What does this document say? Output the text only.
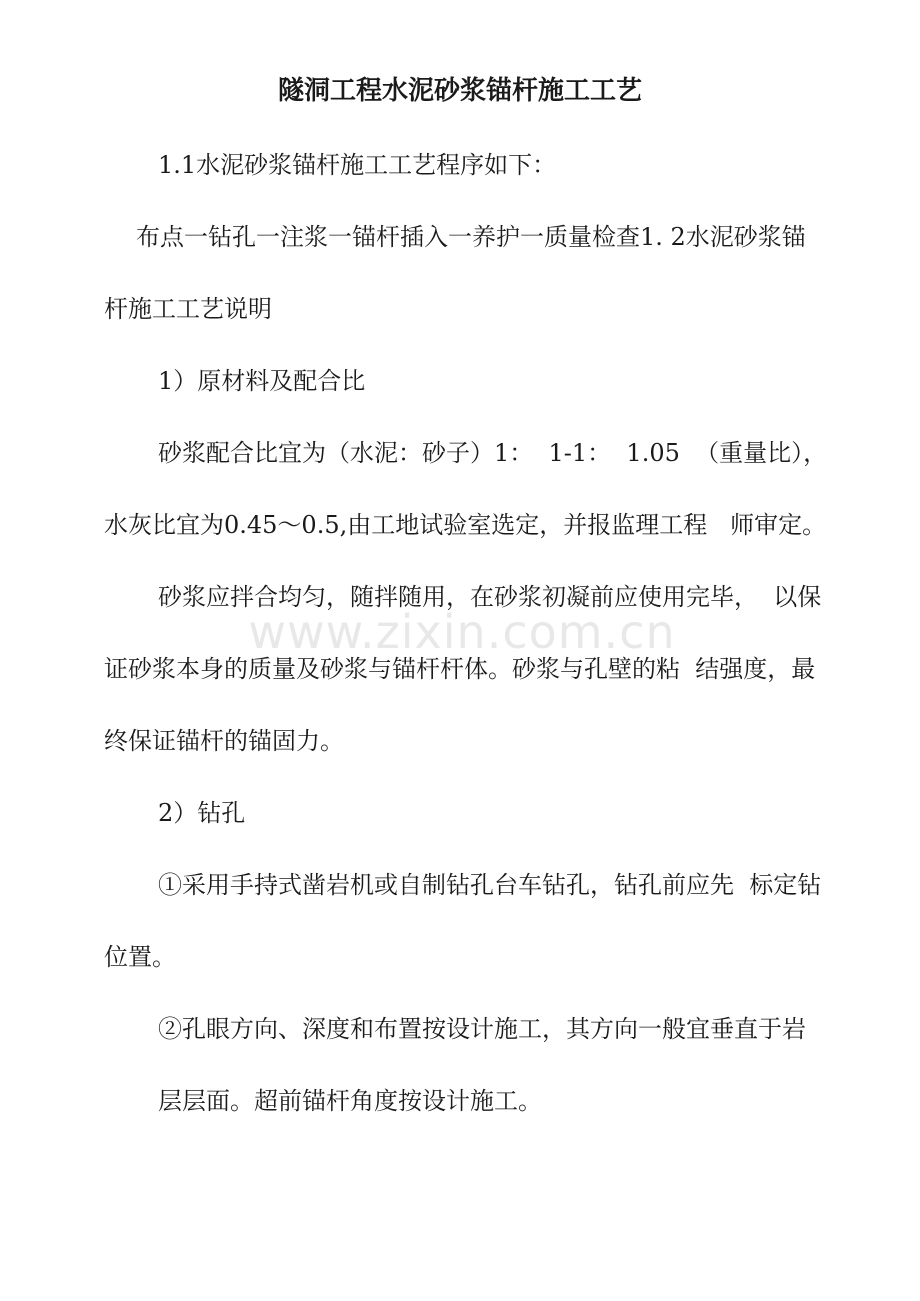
隧洞工程水泥砂浆锚杆施工工艺

1.1水泥砂浆锚杆施工工艺程序如下：

布点一钻孔一注浆一锚杆插入一养护一质量检查1. 2水泥砂浆锚

杆施工工艺说明

1）原材料及配合比

砂浆配合比宜为（水泥：砂子）1：  1-1：  1.05  （重量比），

水灰比宜为0.45〜0.5,由工地试验室选定，并报监理工程   师审定。

砂浆应拌合均匀，随拌随用，在砂浆初凝前应使用完毕，  以保

证砂浆本身的质量及砂浆与锚杆杆体。砂浆与孔壁的粘  结强度，最

终保证锚杆的锚固力。

2）钻孔

①采用手持式凿岩机或自制钻孔台车钻孔，钻孔前应先  标定钻

位置。

②孔眼方向、深度和布置按设计施工，其方向一般宜垂直于岩

层层面。超前锚杆角度按设计施工。

www.zixin.com.cn
